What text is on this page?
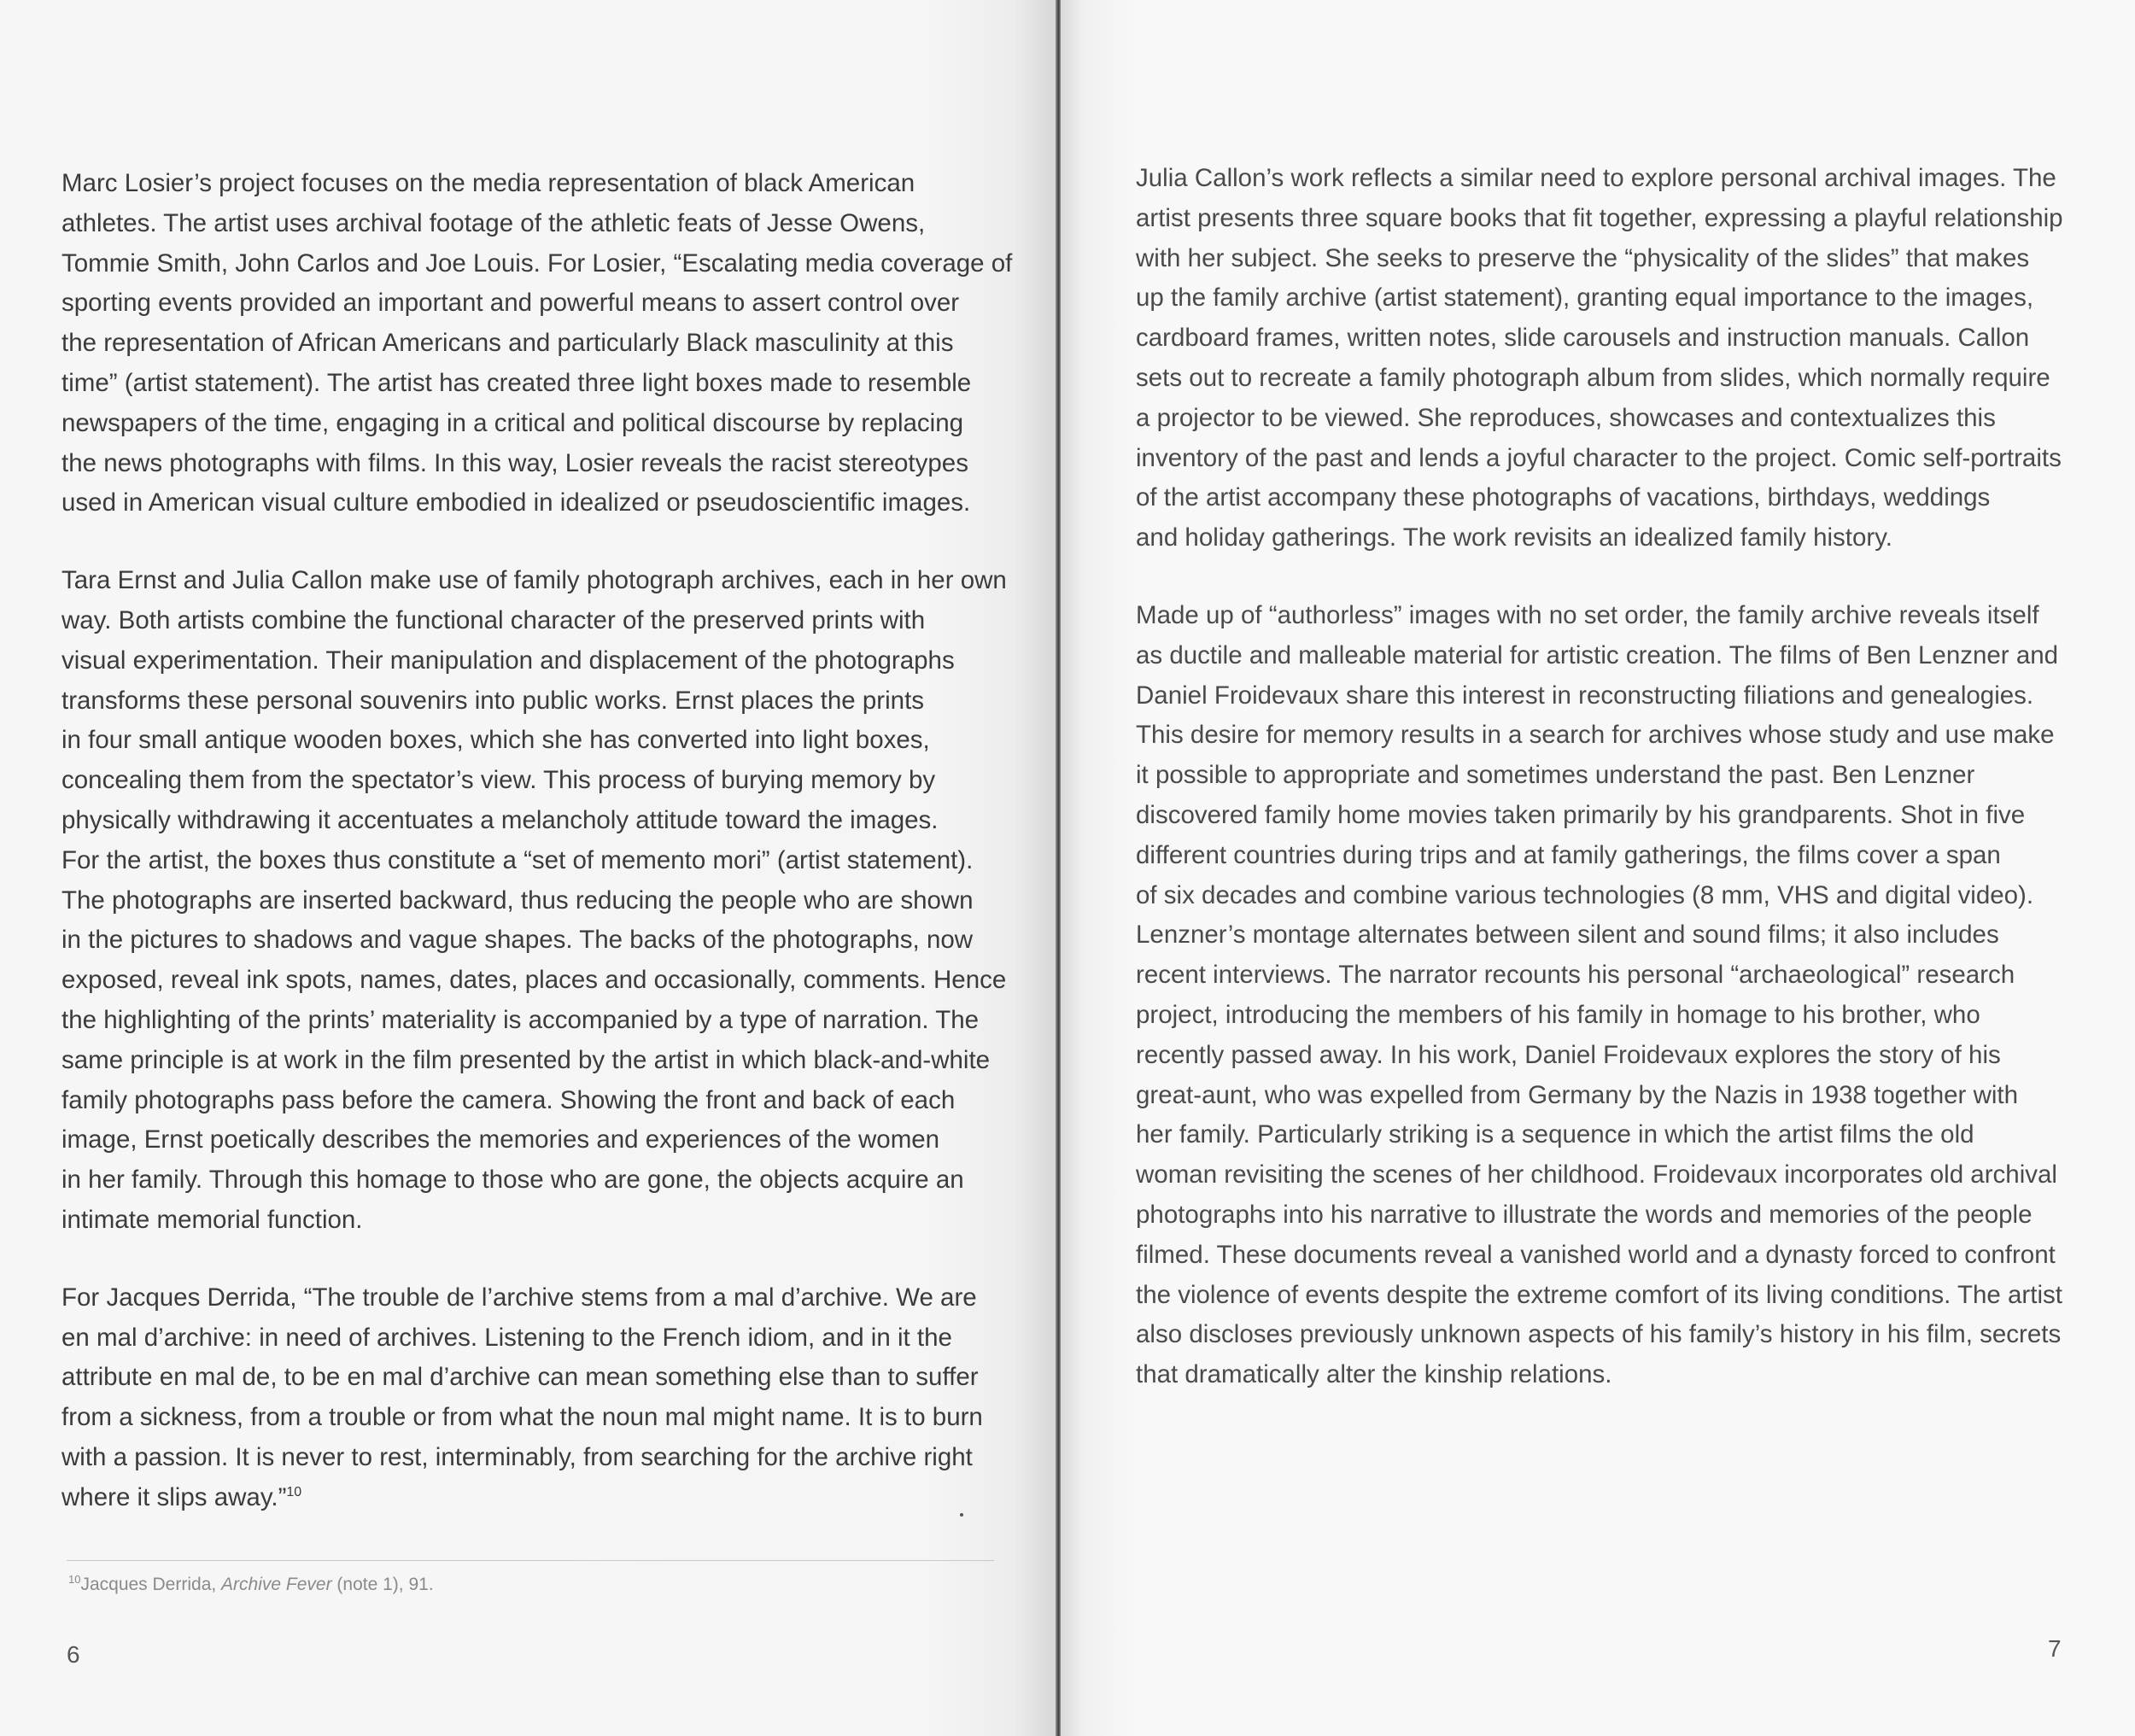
Marc Losier’s project focuses on the media representation of black American
athletes. The artist uses archival footage of the athletic feats of Jesse Owens,
Tommie Smith, John Carlos and Joe Louis. For Losier, “Escalating media coverage of
sporting events provided an important and powerful means to assert control over
the representation of African Americans and particularly Black masculinity at this
time” (artist statement). The artist has created three light boxes made to resemble
newspapers of the time, engaging in a critical and political discourse by replacing
the news photographs with films. In this way, Losier reveals the racist stereotypes
used in American visual culture embodied in idealized or pseudoscientific images.

Tara Ernst and Julia Callon make use of family photograph archives, each in her own
way. Both artists combine the functional character of the preserved prints with
visual experimentation. Their manipulation and displacement of the photographs
transforms these personal souvenirs into public works. Ernst places the prints
in four small antique wooden boxes, which she has converted into light boxes,
concealing them from the spectator’s view. This process of burying memory by
physically withdrawing it accentuates a melancholy attitude toward the images.
For the artist, the boxes thus constitute a “set of memento mori” (artist statement).
The photographs are inserted backward, thus reducing the people who are shown
in the pictures to shadows and vague shapes. The backs of the photographs, now
exposed, reveal ink spots, names, dates, places and occasionally, comments. Hence
the highlighting of the prints’ materiality is accompanied by a type of narration. The
same principle is at work in the film presented by the artist in which black-and-white
family photographs pass before the camera. Showing the front and back of each
image, Ernst poetically describes the memories and experiences of the women
in her family. Through this homage to those who are gone, the objects acquire an
intimate memorial function.

For Jacques Derrida, “The trouble de l’archive stems from a mal d’archive. We are
en mal d’archive: in need of archives. Listening to the French idiom, and in it the
attribute en mal de, to be en mal d’archive can mean something else than to suffer
from a sickness, from a trouble or from what the noun mal might name. It is to burn
with a passion. It is never to rest, interminably, from searching for the archive right
where it slips away.”$^{10}$

$^{10}$Jacques Derrida, Archive Fever (note 1), 91.
6

Julia Callon’s work reflects a similar need to explore personal archival images. The
artist presents three square books that fit together, expressing a playful relationship
with her subject. She seeks to preserve the “physicality of the slides” that makes
up the family archive (artist statement), granting equal importance to the images,
cardboard frames, written notes, slide carousels and instruction manuals. Callon
sets out to recreate a family photograph album from slides, which normally require
a projector to be viewed. She reproduces, showcases and contextualizes this
inventory of the past and lends a joyful character to the project. Comic self-portraits
of the artist accompany these photographs of vacations, birthdays, weddings
and holiday gatherings. The work revisits an idealized family history.

Made up of “authorless” images with no set order, the family archive reveals itself
as ductile and malleable material for artistic creation. The films of Ben Lenzner and
Daniel Froidevaux share this interest in reconstructing filiations and genealogies.
This desire for memory results in a search for archives whose study and use make
it possible to appropriate and sometimes understand the past. Ben Lenzner
discovered family home movies taken primarily by his grandparents. Shot in five
different countries during trips and at family gatherings, the films cover a span
of six decades and combine various technologies (8 mm, VHS and digital video).
Lenzner’s montage alternates between silent and sound films; it also includes
recent interviews. The narrator recounts his personal “archaeological” research
project, introducing the members of his family in homage to his brother, who
recently passed away. In his work, Daniel Froidevaux explores the story of his
great-aunt, who was expelled from Germany by the Nazis in 1938 together with
her family. Particularly striking is a sequence in which the artist films the old
woman revisiting the scenes of her childhood. Froidevaux incorporates old archival
photographs into his narrative to illustrate the words and memories of the people
filmed. These documents reveal a vanished world and a dynasty forced to confront
the violence of events despite the extreme comfort of its living conditions. The artist
also discloses previously unknown aspects of his family’s history in his film, secrets
that dramatically alter the kinship relations.

7
